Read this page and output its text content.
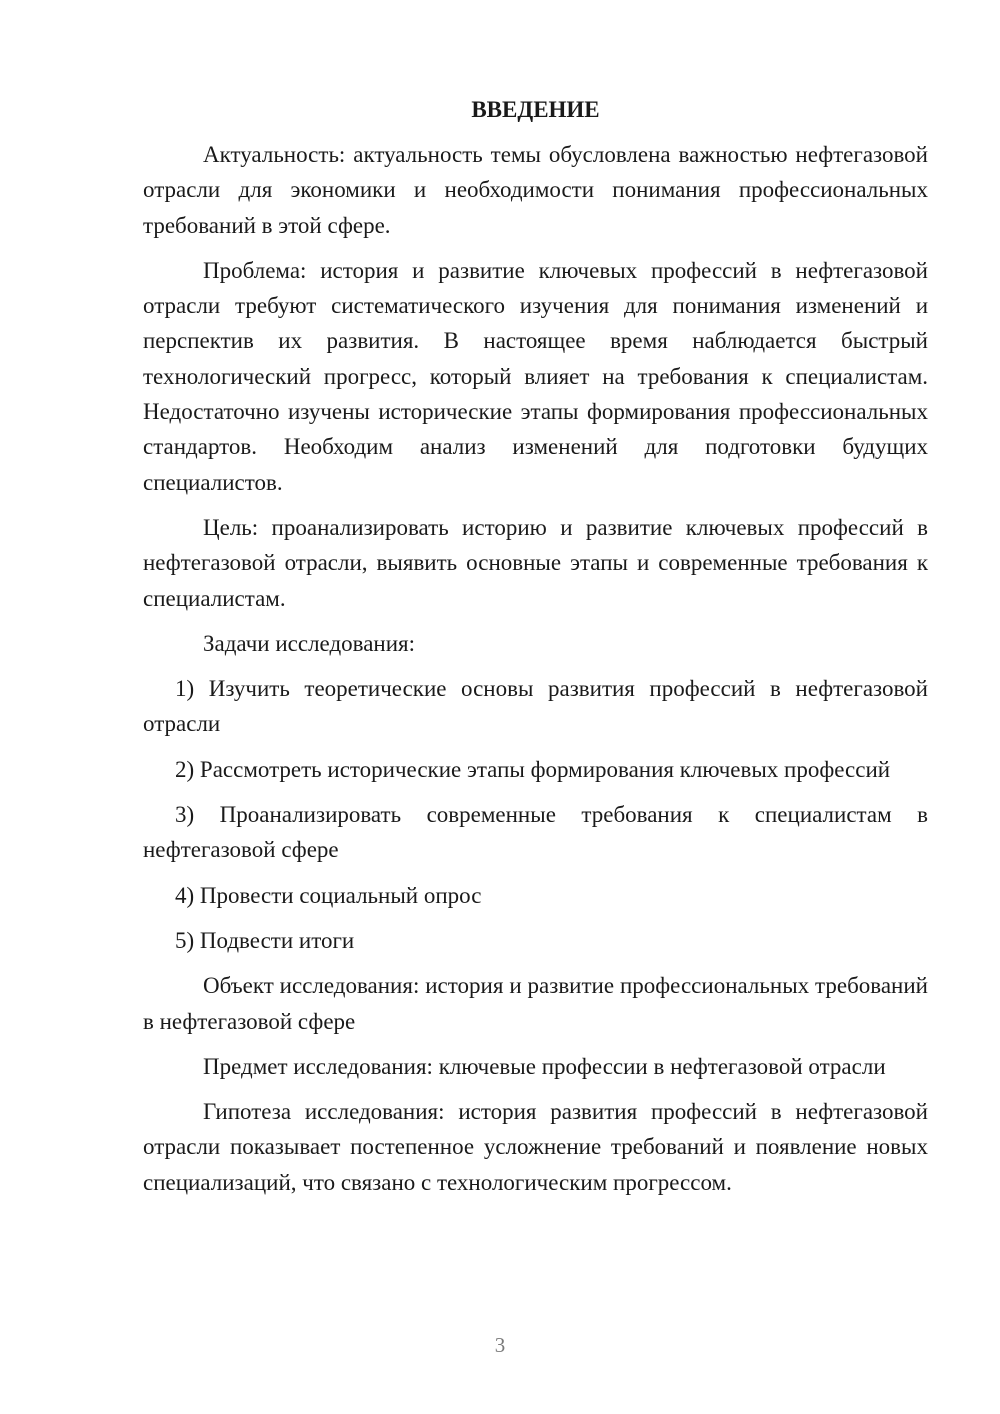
ВВЕДЕНИЕ

Актуальность: актуальность темы обусловлена важностью нефтегазовой отрасли для экономики и необходимости понимания профессиональных требований в этой сфере.

Проблема: история и развитие ключевых профессий в нефтегазовой отрасли требуют систематического изучения для понимания изменений и перспектив их развития. В настоящее время наблюдается быстрый технологический прогресс, который влияет на требования к специалистам. Недостаточно изучены исторические этапы формирования профессиональных стандартов. Необходим анализ изменений для подготовки будущих специалистов.

Цель: проанализировать историю и развитие ключевых профессий в нефтегазовой отрасли, выявить основные этапы и современные требования к специалистам.

Задачи исследования:

1) Изучить теоретические основы развития профессий в нефтегазовой отрасли

2) Рассмотреть исторические этапы формирования ключевых профессий

3) Проанализировать современные требования к специалистам в нефтегазовой сфере

4) Провести социальный опрос

5) Подвести итоги

Объект исследования: история и развитие профессиональных требований в нефтегазовой сфере

Предмет исследования: ключевые профессии в нефтегазовой отрасли

Гипотеза исследования: история развития профессий в нефтегазовой отрасли показывает постепенное усложнение требований и появление новых специализаций, что связано с технологическим прогрессом.

3
